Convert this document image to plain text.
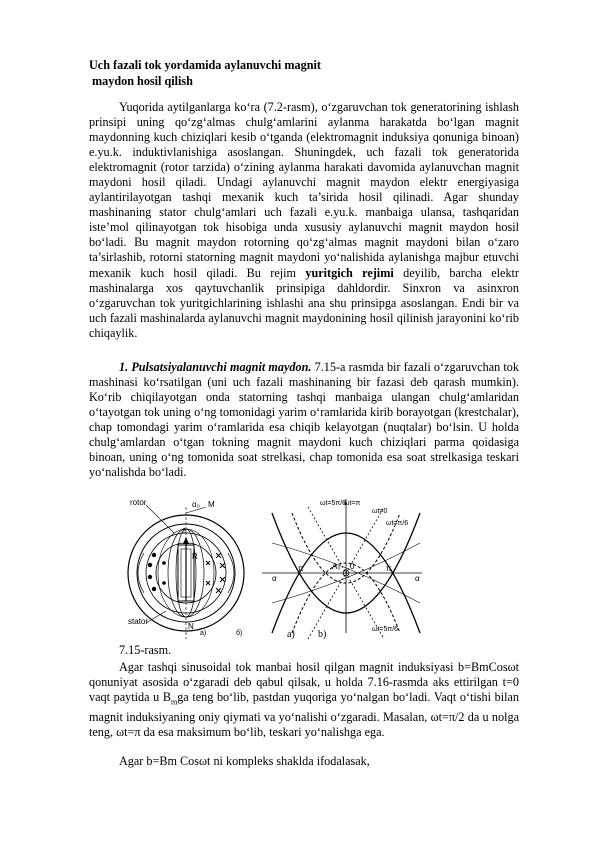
Uch fazali tok yordamida aylanuvchi magnit
maydon hosil qilish

Yuqorida aytilganlarga ko‘ra (7.2-rasm), o‘zgaruvchan tok generatorining ishlash prinsipi uning qo‘zg‘almas chulg‘amlarini aylanma harakatda bo‘lgan magnit maydonning kuch chiziqlari kesib o‘tganda (elektromagnit induksiya qonuniga binoan) e.yu.k. induktivlanishiga asoslangan. Shuningdek, uch fazali tok generatorida elektromagnit (rotor tarzida) o‘zining aylanma harakati davomida aylanuvchan magnit maydoni hosil qiladi. Undagi aylanuvchi magnit maydon elektr energiyasiga aylantirilayotgan tashqi mexanik kuch ta’sirida hosil qilinadi. Agar shunday mashinaning stator chulg‘amlari uch fazali e.yu.k. manbaiga ulansa, tashqaridan iste’mol qilinayotgan tok hisobiga unda xususiy aylanuvchi magnit maydon hosil bo‘ladi. Bu magnit maydon rotorning qo‘zg‘almas magnit maydoni bilan o‘zaro ta’sirlashib, rotorni statorning magnit maydoni yo‘nalishida aylanishga majbur etuvchi mexanik kuch hosil qiladi. Bu rejim yuritgich rejimi deyilib, barcha elektr mashinalarga xos qaytuvchanlik prinsipiga dahldordir. Sinxron va asinxron o‘zgaruvchan tok yuritgichlarining ishlashi ana shu prinsipga asoslangan. Endi bir va uch fazali mashinalarda aylanuvchi magnit maydonining hosil qilinish jarayonini ko‘rib chiqaylik.

1. Pulsatsiyalanuvchi magnit maydon. 7.15-a rasmda bir fazali o‘zgaruvchan tok mashinasi ko‘rsatilgan (uni uch fazali mashinaning bir fazasi deb qarash mumkin). Ko‘rib chiqilayotgan onda statorning tashqi manbaiga ulangan chulg‘amlaridan o‘tayotgan tok uning o‘ng tomonidagi yarim o‘ramlarida kirib borayotgan (krestchalar), chap tomondagi yarim o‘ramlarida esa chiqib kelayotgan (nuqtalar) bo‘lsin. U holda chulg‘amlardan o‘tgan tokning magnit maydoni kuch chiziqlari parma qoidasiga binoan, uning o‘ng tomonida soat strelkasi, chap tomonida esa soat strelkasiga teskari yo‘nalishda bo‘ladi.

rotor
stator
α₀ M
R
N
S
а)	б)
ωt=5π/6
ωt=π
ωt=0
ωt=π/6
ωt=5π/6
α	α
π	π
A₀ 0
a) b)

7.15-rasm.

Agar tashqi sinusoidal tok manbai hosil qilgan magnit induksiyasi b=BmCosωt qonuniyat asosida o‘zgaradi deb qabul qilsak, u holda 7.16-rasmda aks ettirilgan t=0 vaqt paytida u $B_mga$ teng bo‘lib, pastdan yuqoriga yo‘nalgan bo‘ladi. Vaqt o‘tishi bilan magnit induksiyaning oniy qiymati va yo‘nalishi o‘zgaradi. Masalan, ωt=π/2 da u nolga teng, ωt=π da esa maksimum bo‘lib, teskari yo‘nalishga ega.

Agar b=Bm Cosωt ni kompleks shaklda ifodalasak,
